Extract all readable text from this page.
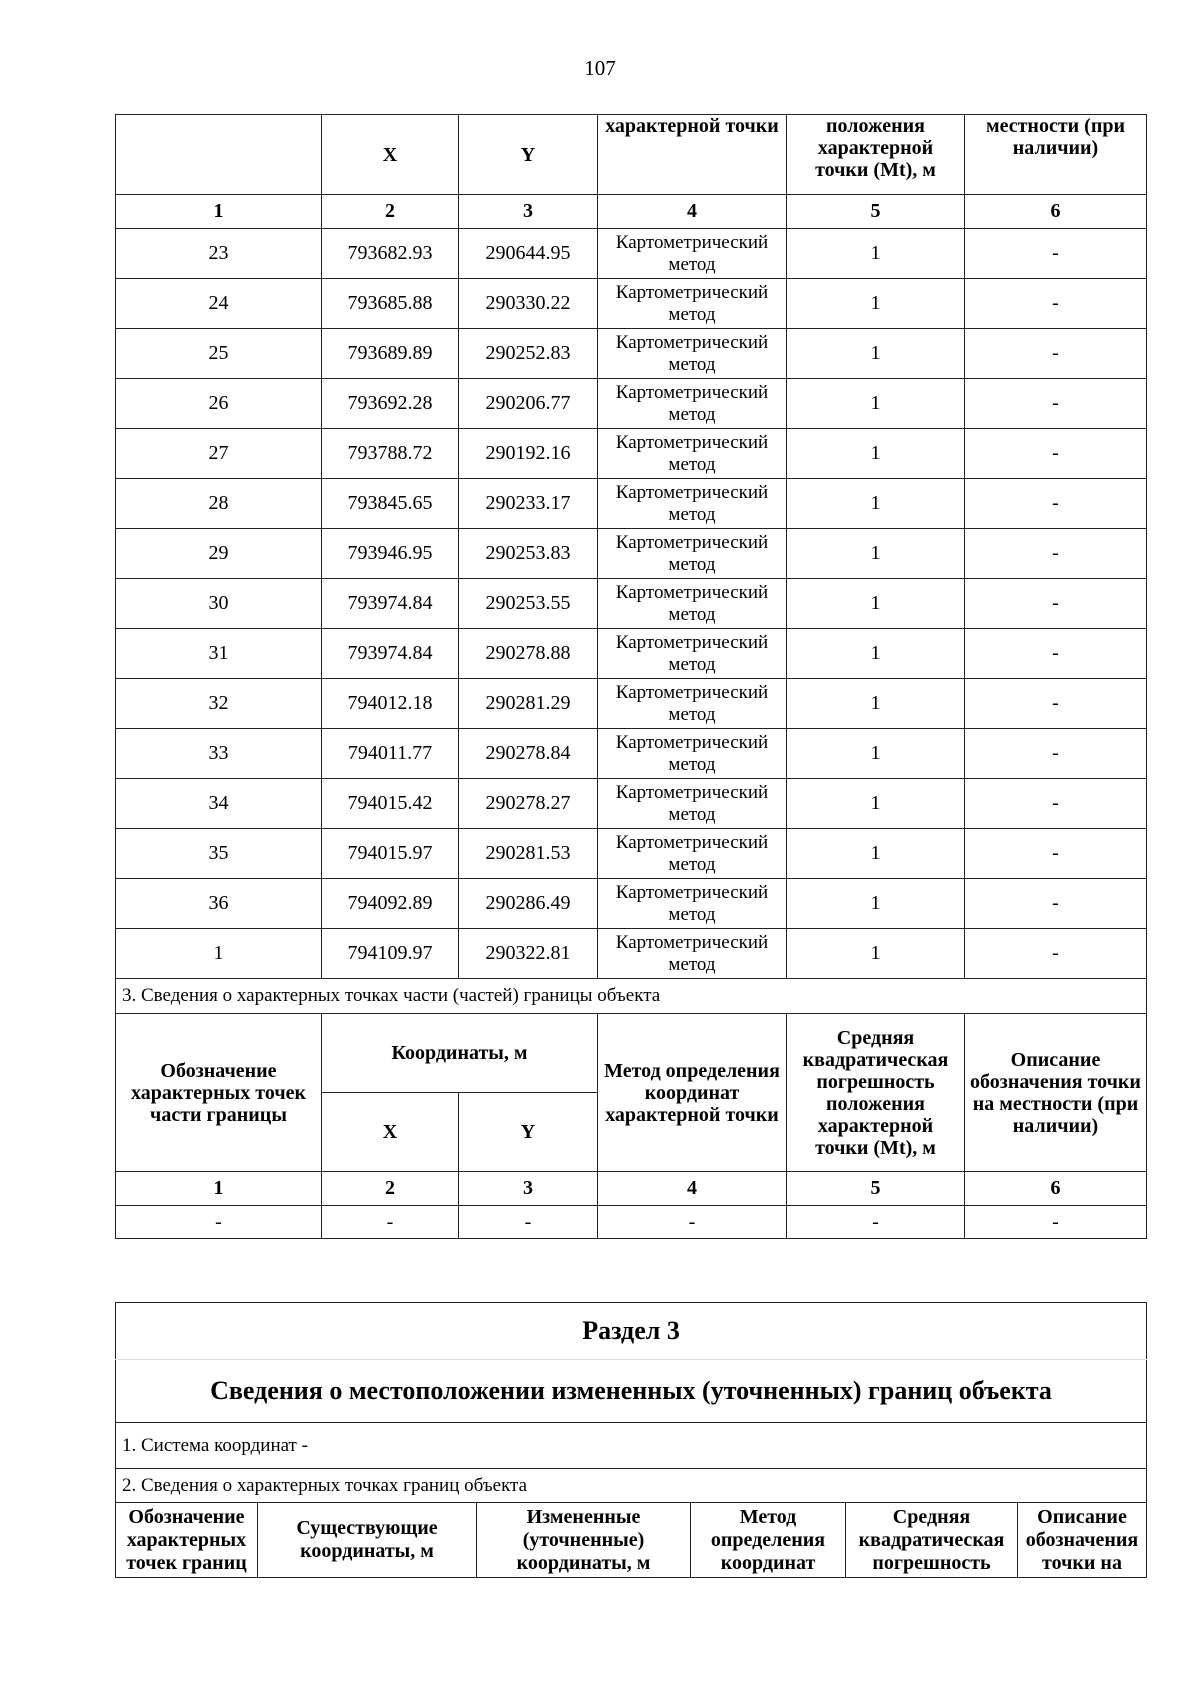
107
	X	Y	характерной точки	положения характерной точки (Mt), м	местности (при наличии)
1	2	3	4	5	6
23	793682.93	290644.95	Картометрический метод	1	-
24	793685.88	290330.22	Картометрический метод	1	-
25	793689.89	290252.83	Картометрический метод	1	-
26	793692.28	290206.77	Картометрический метод	1	-
27	793788.72	290192.16	Картометрический метод	1	-
28	793845.65	290233.17	Картометрический метод	1	-
29	793946.95	290253.83	Картометрический метод	1	-
30	793974.84	290253.55	Картометрический метод	1	-
31	793974.84	290278.88	Картометрический метод	1	-
32	794012.18	290281.29	Картометрический метод	1	-
33	794011.77	290278.84	Картометрический метод	1	-
34	794015.42	290278.27	Картометрический метод	1	-
35	794015.97	290281.53	Картометрический метод	1	-
36	794092.89	290286.49	Картометрический метод	1	-
1	794109.97	290322.81	Картометрический метод	1	-
3. Сведения о характерных точках части (частей) границы объекта					
Обозначение характерных точек части границы	Координаты, м		Метод определения координат характерной точки	Средняя квадратическая погрешность положения характерной точки (Mt), м	Описание обозначения точки на местности (при наличии)
	X	Y			
1	2	3	4	5	6
-	-	-	-	-	-
Раздел 3
Сведения о местоположении измененных (уточненных) границ объекта
1. Система координат -
2. Сведения о характерных точках границ объекта
Обозначение характерных точек границ	Существующие координаты, м	Измененные (уточненные) координаты, м	Метод определения координат	Средняя квадратическая погрешность	Описание обозначения точки на
